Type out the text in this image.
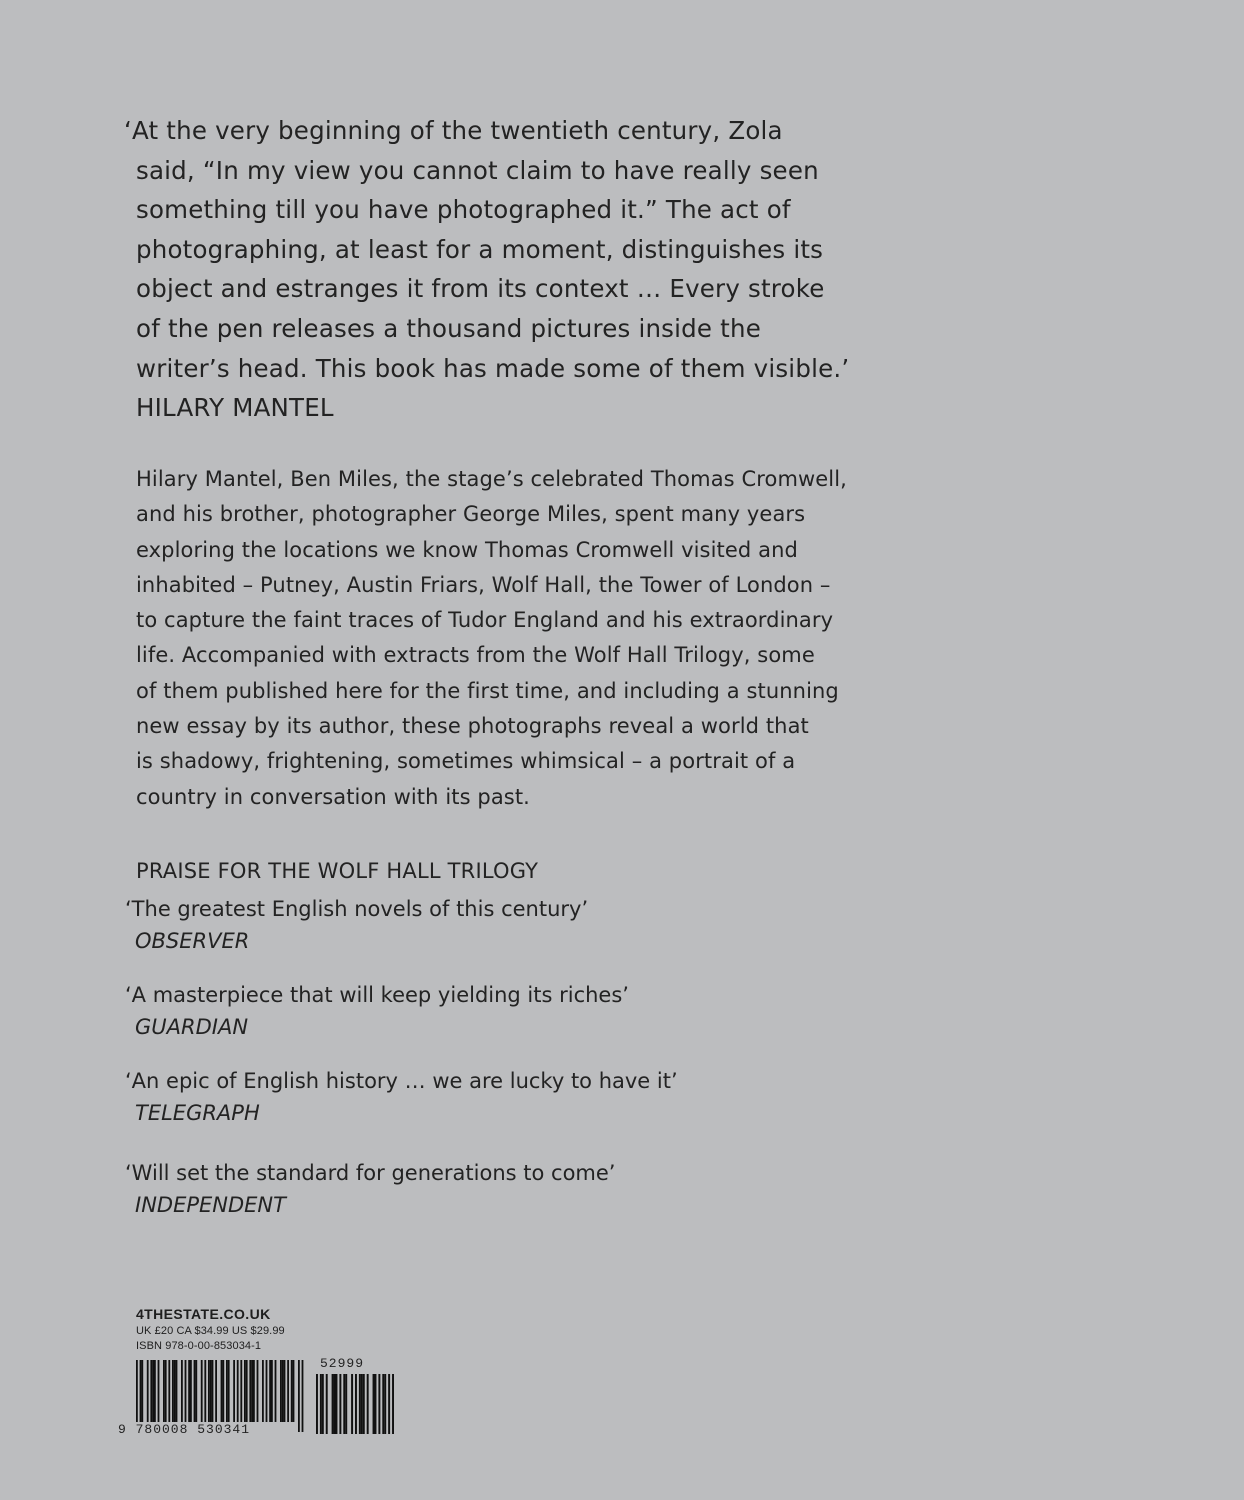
‘At the very beginning of the twentieth century, Zola
said, “In my view you cannot claim to have really seen
something till you have photographed it.” The act of
photographing, at least for a moment, distinguishes its
object and estranges it from its context … Every stroke
of the pen releases a thousand pictures inside the
writer’s head. This book has made some of them visible.’
HILARY MANTEL
Hilary Mantel, Ben Miles, the stage’s celebrated Thomas Cromwell,
and his brother, photographer George Miles, spent many years
exploring the locations we know Thomas Cromwell visited and
inhabited – Putney, Austin Friars, Wolf Hall, the Tower of London –
to capture the faint traces of Tudor England and his extraordinary
life. Accompanied with extracts from the Wolf Hall Trilogy, some
of them published here for the first time, and including a stunning
new essay by its author, these photographs reveal a world that
is shadowy, frightening, sometimes whimsical – a portrait of a
country in conversation with its past.
PRAISE FOR THE WOLF HALL TRILOGY
‘The greatest English novels of this century’
OBSERVER
‘A masterpiece that will keep yielding its riches’
GUARDIAN
‘An epic of English history … we are lucky to have it’
TELEGRAPH
‘Will set the standard for generations to come’
INDEPENDENT
4THESTATE.CO.UK
UK £20 CA $34.99 US $29.99
ISBN 978-0-00-853034-1
9 780008 530341
52999
